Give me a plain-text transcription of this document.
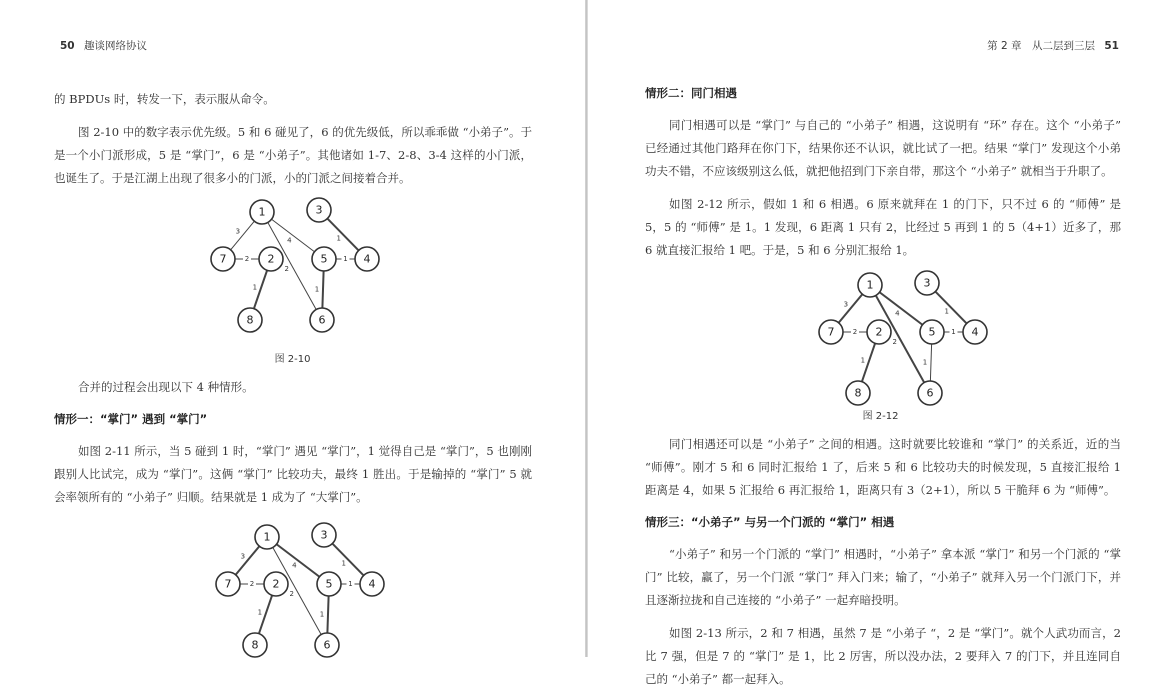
50 趣谈网络协议

的 BPDUs 时，转发一下，表示服从命令。

图 2-10 中的数字表示优先级。5 和 6 碰见了，6 的优先级低，所以乖乖做 “小弟子”。于是一个小门派形成，5 是 “掌门”，6 是 “小弟子”。其他诸如 1-7、2-8、3-4 这样的小门派，也诞生了。于是江湖上出现了很多小的门派，小的门派之间接着合并。

3
2
4
2
1
1
1
1
1
2
3
4
5
6
7
8
图 2-10

合并的过程会出现以下 4 种情形。

情形一：“掌门” 遇到 “掌门”

如图 2-11 所示，当 5 碰到 1 时，“掌门” 遇见 “掌门”，1 觉得自己是 “掌门”，5 也刚刚跟别人比试完，成为 “掌门”。这俩 “掌门” 比较功夫，最终 1 胜出。于是输掉的 “掌门” 5 就会率领所有的 “小弟子” 归顺。结果就是 1 成为了 “大掌门”。

3
2
4
2
1
1
1
1
1
2
3
4
5
6
7
8
第 2 章　从二层到三层 51

情形二：同门相遇

同门相遇可以是 “掌门” 与自己的 “小弟子” 相遇，这说明有 “环” 存在。这个 “小弟子” 已经通过其他门路拜在你门下，结果你还不认识，就比试了一把。结果 “掌门” 发现这个小弟功夫不错，不应该级别这么低，就把他招到门下亲自带，那这个 “小弟子” 就相当于升职了。

如图 2-12 所示，假如 1 和 6 相遇。6 原来就拜在 1 的门下，只不过 6 的 “师傅” 是 5，5 的 “师傅” 是 1。1 发现，6 距离 1 只有 2，比经过 5 再到 1 的 5（4+1）近多了，那 6 就直接汇报给 1 吧。于是，5 和 6 分别汇报给 1。

3
2
4
2
1
1
1
1
1
2
3
4
5
6
7
8
图 2-12

同门相遇还可以是 “小弟子” 之间的相遇。这时就要比较谁和 “掌门” 的关系近，近的当 “师傅”。刚才 5 和 6 同时汇报给 1 了，后来 5 和 6 比较功夫的时候发现，5 直接汇报给 1 距离是 4，如果 5 汇报给 6 再汇报给 1，距离只有 3（2+1），所以 5 干脆拜 6 为 “师傅”。

情形三：“小弟子” 与另一个门派的 “掌门” 相遇

“小弟子” 和另一个门派的 “掌门” 相遇时，“小弟子” 拿本派 “掌门” 和另一个门派的 “掌门” 比较，赢了，另一个门派 “掌门” 拜入门来；输了，“小弟子” 就拜入另一个门派门下，并且逐渐拉拢和自己连接的 “小弟子” 一起弃暗投明。

如图 2-13 所示，2 和 7 相遇，虽然 7 是 “小弟子 “，2 是 “掌门”。就个人武功而言，2 比 7 强，但是 7 的 “掌门” 是 1，比 2 厉害，所以没办法，2 要拜入 7 的门下，并且连同自己的 “小弟子” 都一起拜入。
